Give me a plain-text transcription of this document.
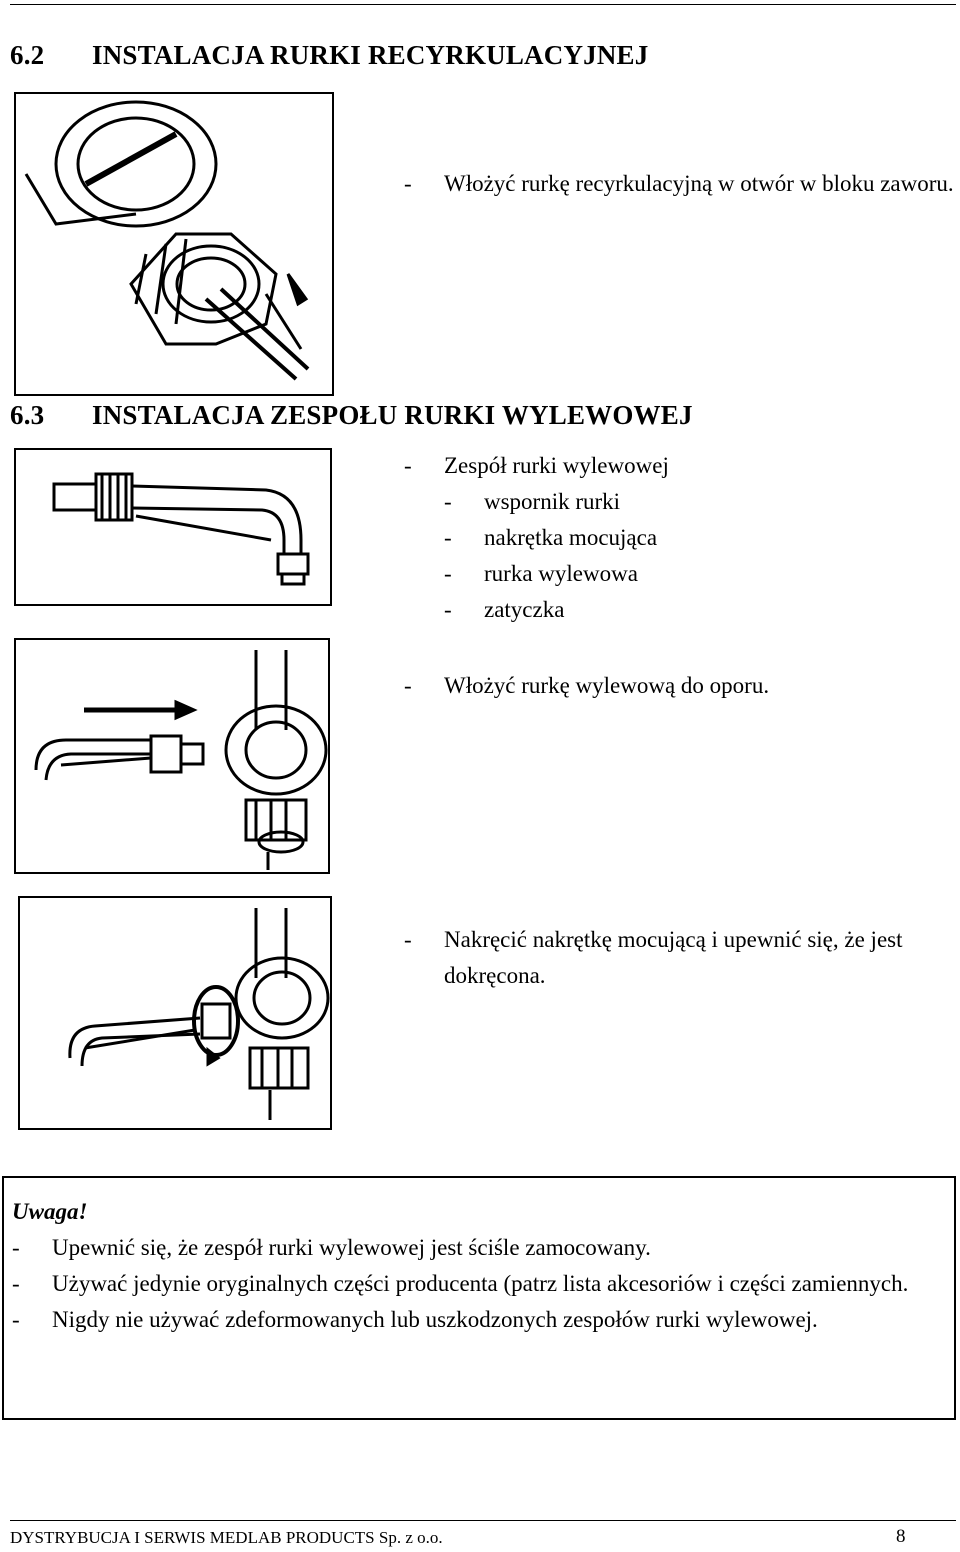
6.2 INSTALACJA RURKI RECYRKULACYJNEJ
- Włożyć rurkę recyrkulacyjną w otwór w bloku zaworu.
6.3 INSTALACJA ZESPOŁU RURKI WYLEWOWEJ
- Zespół rurki wylewowej
- wspornik rurki
- nakrętka mocująca
- rurka wylewowa
- zatyczka
- Włożyć rurkę wylewową do oporu.
- Nakręcić nakrętkę mocującą i upewnić się, że jest dokręcona.
Uwaga!
- Upewnić się, że zespół rurki wylewowej jest ściśle zamocowany.
- Używać jedynie oryginalnych części producenta (patrz lista akcesoriów i części zamiennych.
- Nigdy nie używać zdeformowanych lub uszkodzonych zespołów rurki wylewowej.
DYSTRYBUCJA I SERWIS MEDLAB PRODUCTS Sp. z o.o.	8
